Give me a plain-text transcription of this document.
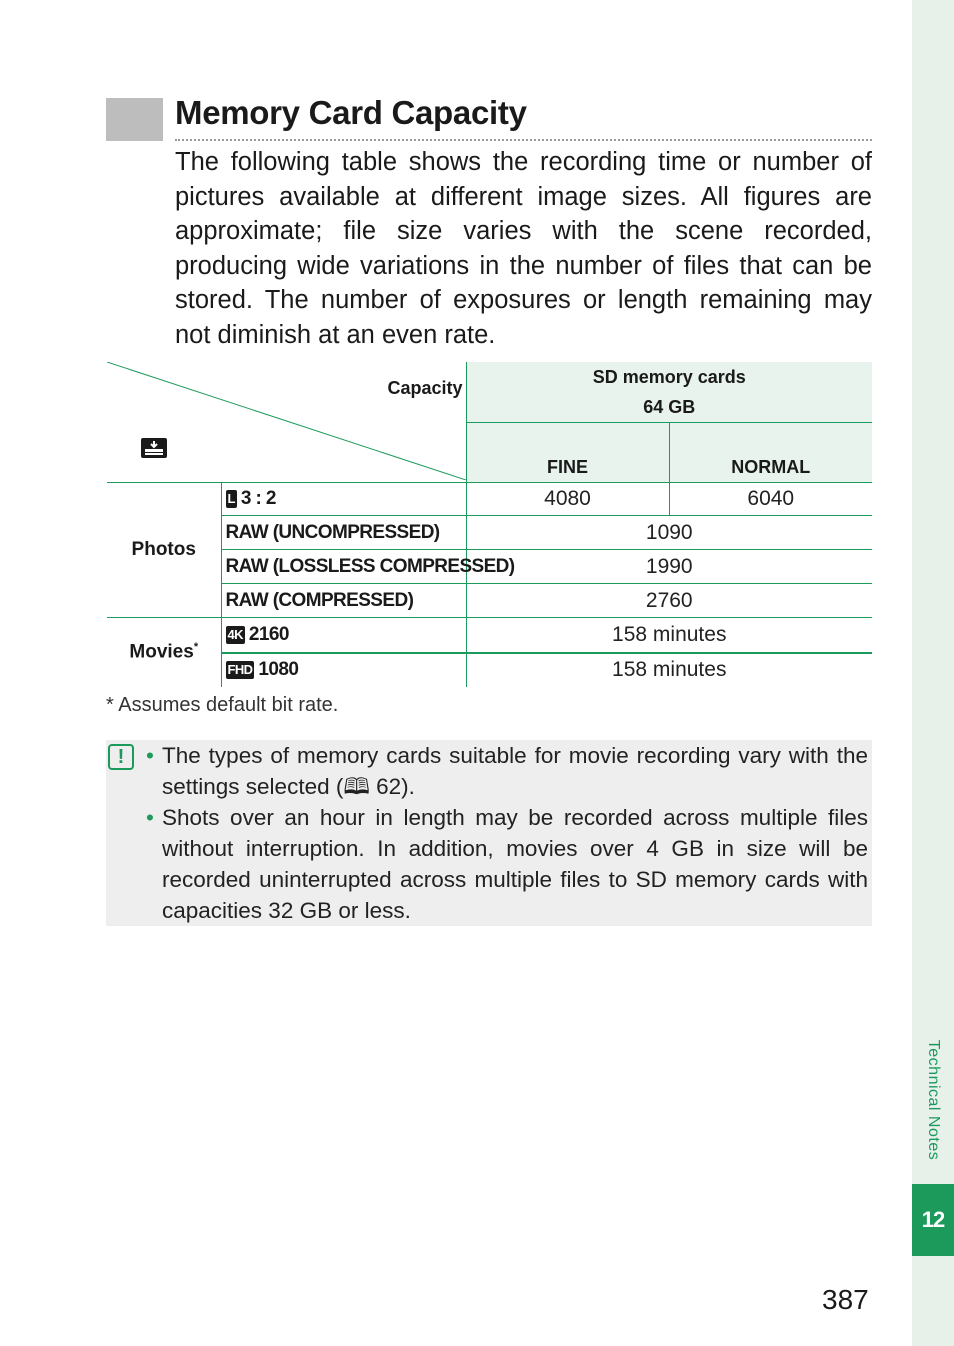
Technical Notes
12
Memory Card Capacity

The following table shows the recording time or number of pictures available at different image sizes. All figures are approximate; file size varies with the scene recorded, producing wide variations in the number of files that can be stored. The number of exposures or length remaining may not diminish at an even rate.

Capacity		SD memory cards
64 GB	

		FINE	NORMAL
Photos	L 3 : 2	4080	6040
	RAW (UNCOMPRESSED)	1090	
	RAW (LOSSLESS COMPRESSED)	1990	
	RAW (COMPRESSED)	2760	
Movies*	4K 2160	158 minutes	
	FHD 1080	158 minutes	

* Assumes default bit rate.

! • The types of memory cards suitable for movie recording vary with the settings selected (🕮 62).
• Shots over an hour in length may be recorded across multiple files without interruption. In addition, movies over 4 GB in size will be recorded uninterrupted across multiple files to SD memory cards with capacities 32 GB or less.
387
